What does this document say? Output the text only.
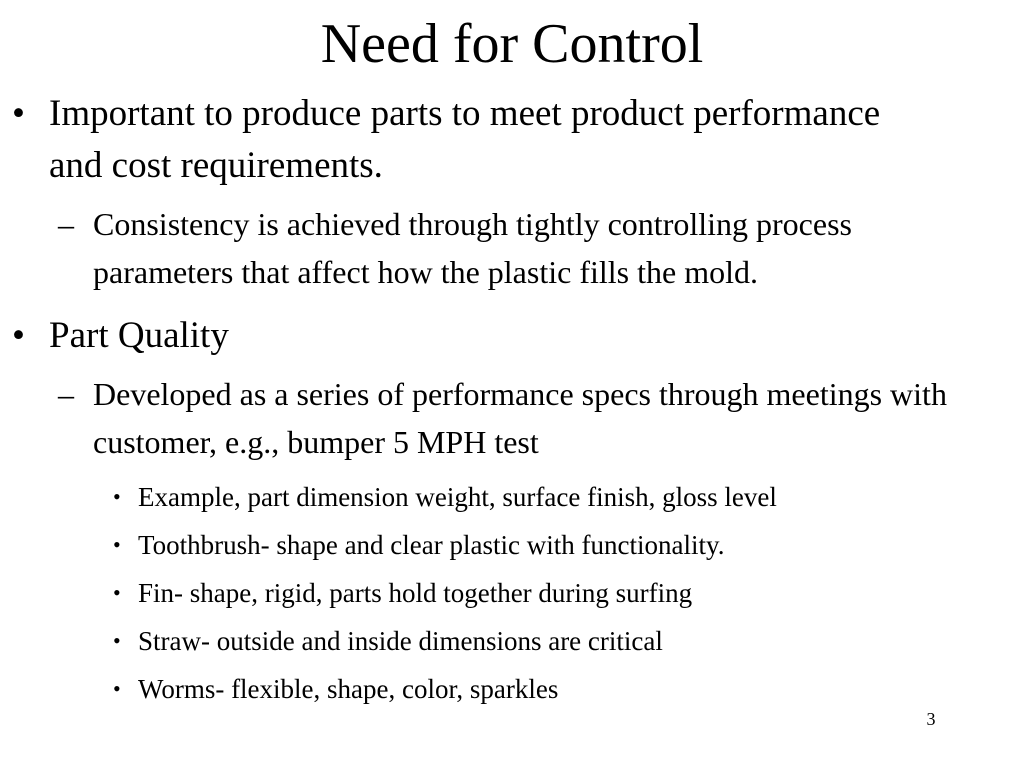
Need for Control
• Important to produce parts to meet product performance and cost requirements.
– Consistency is achieved through tightly controlling process parameters that affect how the plastic fills the mold.
• Part Quality
– Developed as a series of performance specs through meetings with customer, e.g., bumper 5 MPH test
• Example, part dimension weight, surface finish, gloss level
• Toothbrush- shape and clear plastic with functionality.
• Fin- shape, rigid, parts hold together during surfing
• Straw- outside and inside dimensions are critical
• Worms- flexible, shape, color, sparkles
3
